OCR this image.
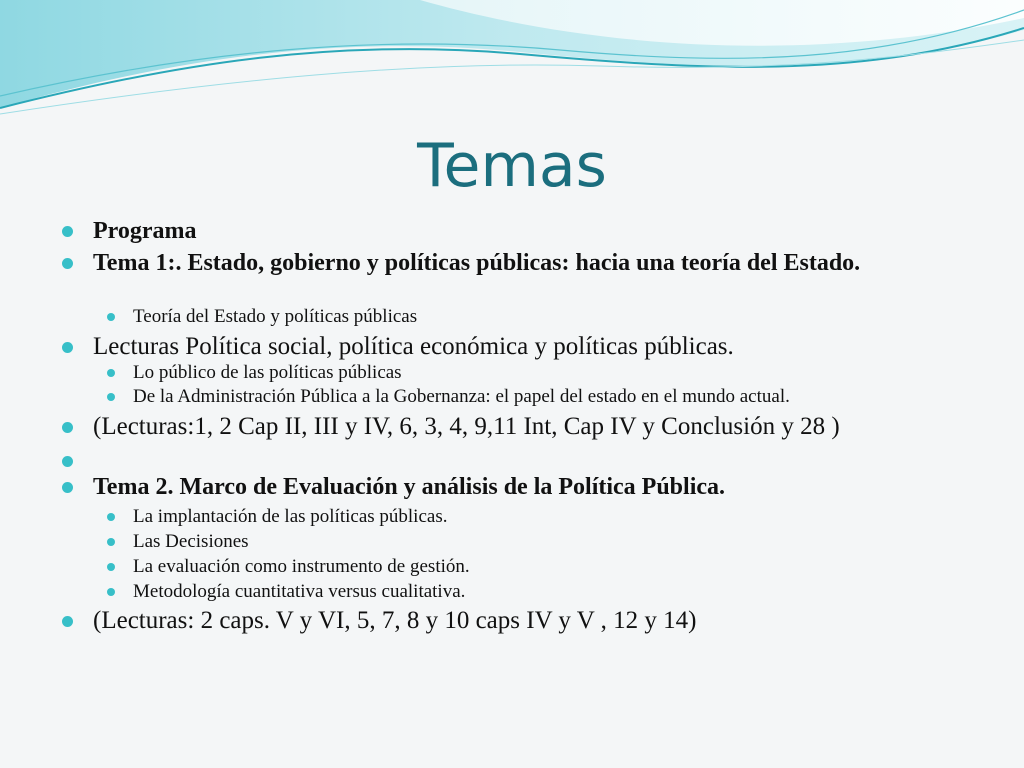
Temas
Programa
Tema 1:. Estado, gobierno y políticas públicas: hacia una teoría del Estado.
Teoría del Estado y políticas públicas
Lecturas Política social, política económica y políticas públicas.
Lo público de las políticas públicas
De la Administración Pública a la Gobernanza: el papel del estado en el mundo actual.
(Lecturas:1, 2 Cap II, III y IV, 6, 3, 4, 9,11 Int, Cap IV y Conclusión y 28 )
Tema 2. Marco de Evaluación y análisis de la Política Pública.
La implantación de las políticas públicas.
Las Decisiones
La evaluación como instrumento de gestión.
Metodología cuantitativa versus cualitativa.
(Lecturas: 2 caps. V y VI, 5, 7, 8 y 10 caps IV y V , 12 y 14)
